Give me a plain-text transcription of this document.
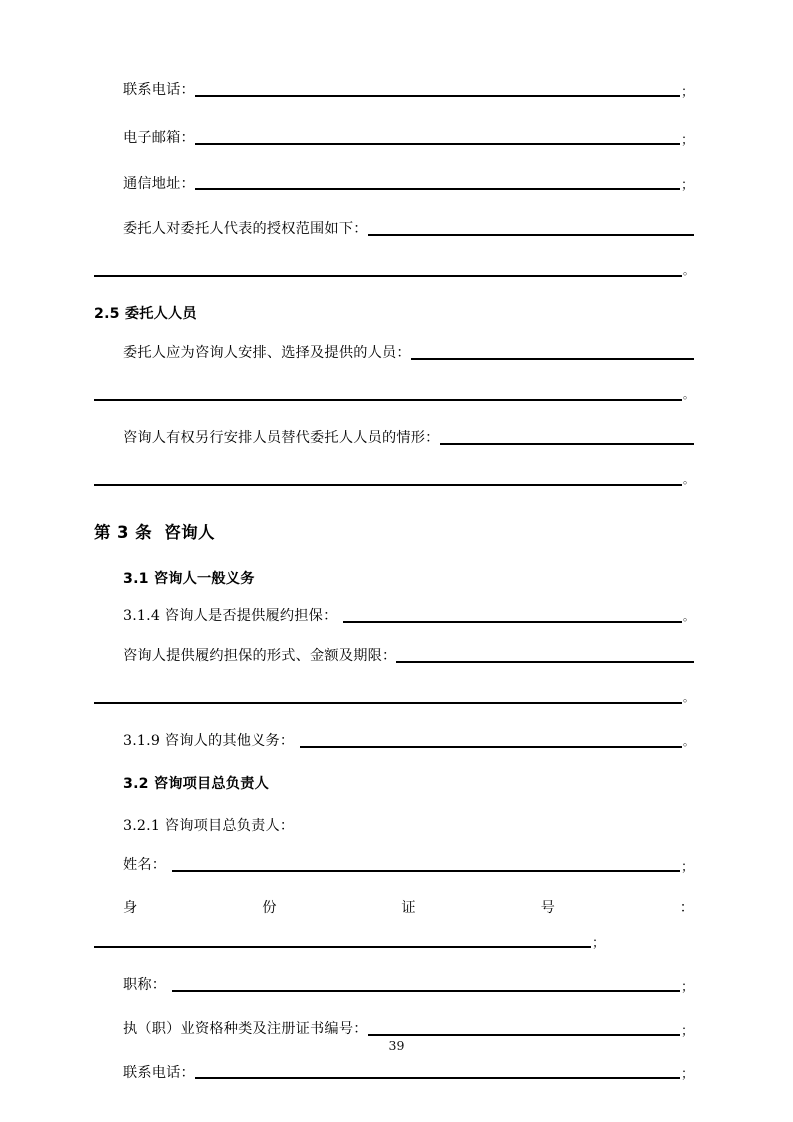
联系电话：	；
电子邮箱：	；
通信地址：	；
委托人对委托人代表的授权范围如下：
。
2.5 委托人人员
委托人应为咨询人安排、选择及提供的人员：
。
咨询人有权另行安排人员替代委托人人员的情形：
。
第 3 条  咨询人
3.1 咨询人一般义务
3.1.4 咨询人是否提供履约担保：	。
咨询人提供履约担保的形式、金额及期限：
。
3.1.9 咨询人的其他义务：	。
3.2 咨询项目总负责人
3.2.1 咨询项目总负责人：
姓名：	；
身	份	证	号	：
；
职称：	；
执（职）业资格种类及注册证书编号：	；
联系电话：	；
39
